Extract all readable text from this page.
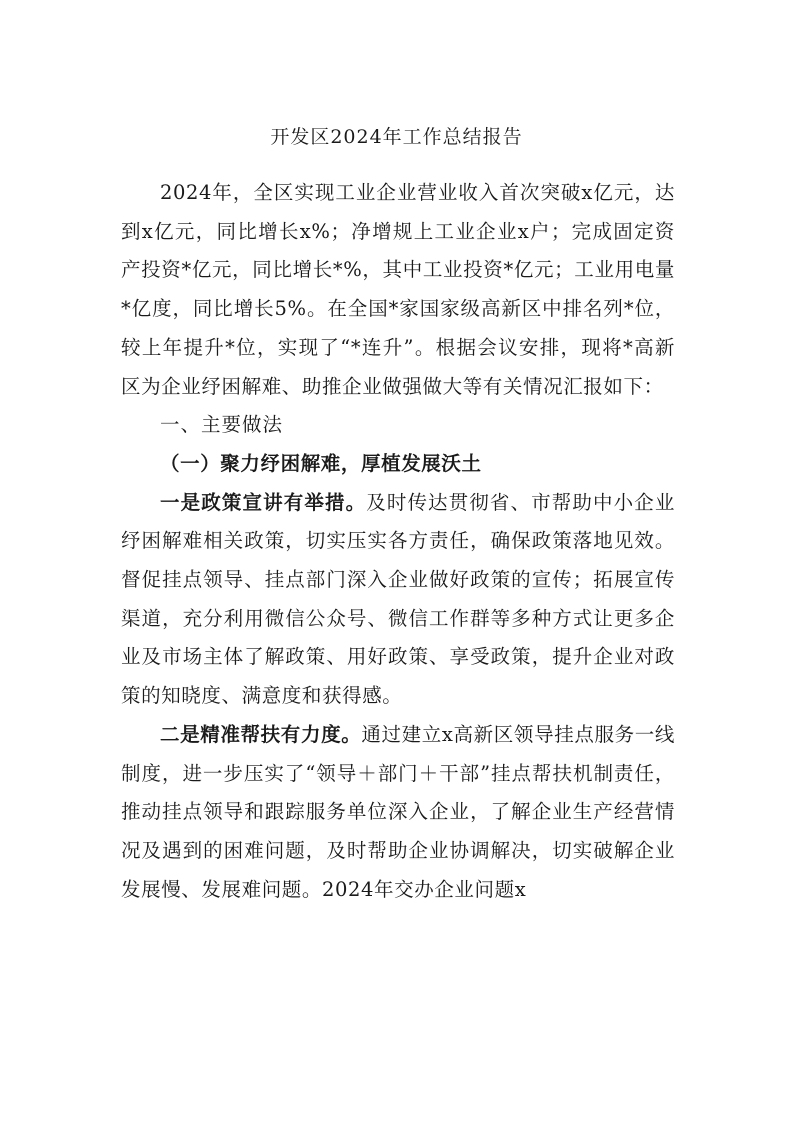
开发区2024年工作总结报告

2024年，全区实现工业企业营业收入首次突破x亿元，达到x亿元，同比增长x%；净增规上工业企业x户；完成固定资产投资*亿元，同比增长*%，其中工业投资*亿元；工业用电量*亿度，同比增长5%。在全国*家国家级高新区中排名列*位，较上年提升*位，实现了“*连升”。根据会议安排，现将*高新区为企业纾困解难、助推企业做强做大等有关情况汇报如下：

一、主要做法

（一）聚力纾困解难，厚植发展沃土

一是政策宣讲有举措。及时传达贯彻省、市帮助中小企业纾困解难相关政策，切实压实各方责任，确保政策落地见效。督促挂点领导、挂点部门深入企业做好政策的宣传；拓展宣传渠道，充分利用微信公众号、微信工作群等多种方式让更多企业及市场主体了解政策、用好政策、享受政策，提升企业对政策的知晓度、满意度和获得感。

二是精准帮扶有力度。通过建立x高新区领导挂点服务一线制度，进一步压实了“领导＋部门＋干部”挂点帮扶机制责任，推动挂点领导和跟踪服务单位深入企业，了解企业生产经营情况及遇到的困难问题，及时帮助企业协调解决，切实破解企业发展慢、发展难问题。2024年交办企业问题x
